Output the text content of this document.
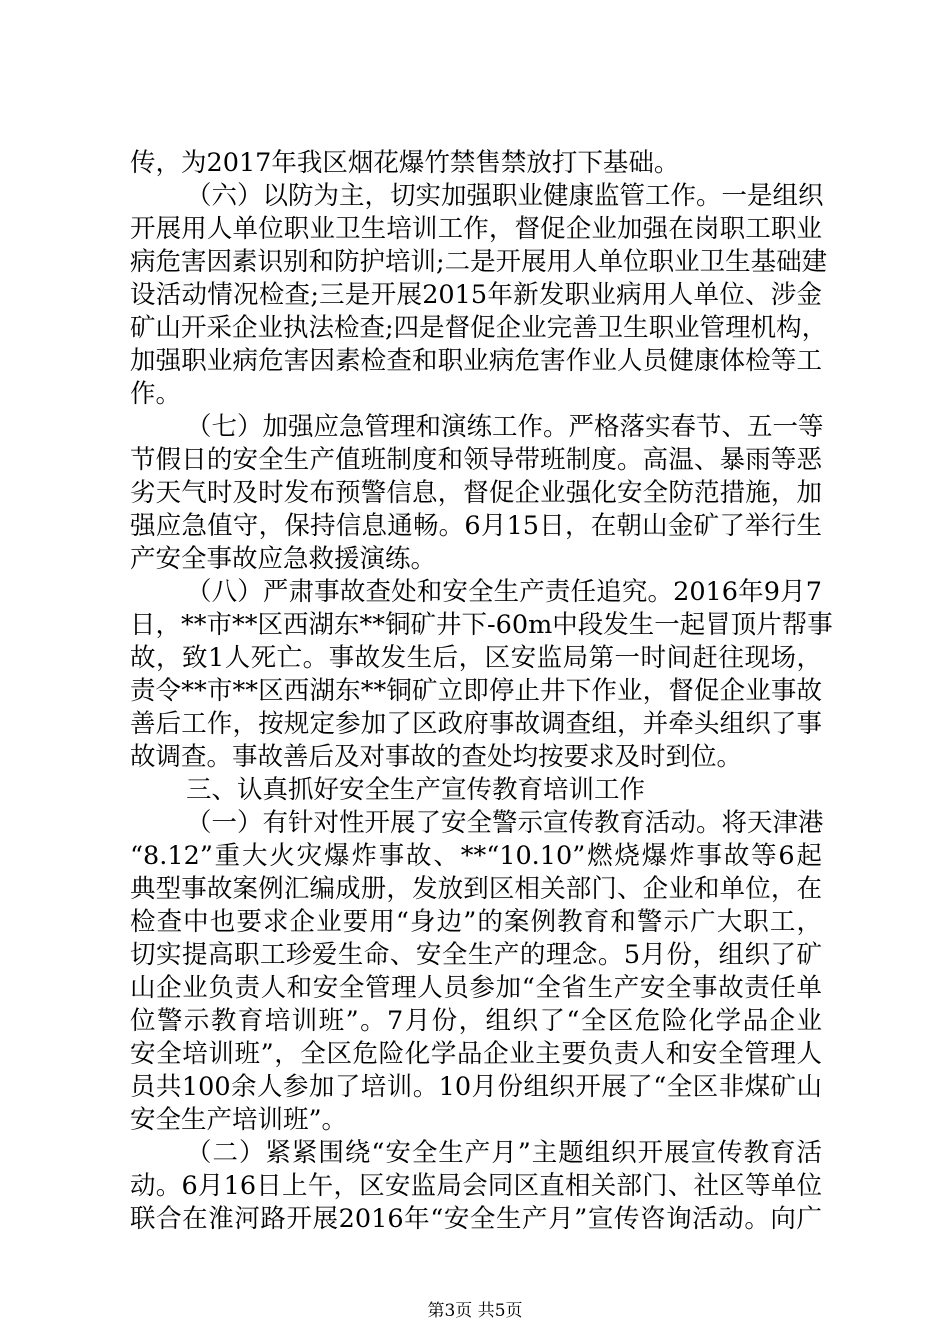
传，为2017年我区烟花爆竹禁售禁放打下基础。

（六）以防为主，切实加强职业健康监管工作。一是组织

开展用人单位职业卫生培训工作，督促企业加强在岗职工职业

病危害因素识别和防护培训;二是开展用人单位职业卫生基础建

设活动情况检查;三是开展2015年新发职业病用人单位、涉金

矿山开采企业执法检查;四是督促企业完善卫生职业管理机构，

加强职业病危害因素检查和职业病危害作业人员健康体检等工

作。

（七）加强应急管理和演练工作。严格落实春节、五一等

节假日的安全生产值班制度和领导带班制度。高温、暴雨等恶

劣天气时及时发布预警信息，督促企业强化安全防范措施，加

强应急值守，保持信息通畅。6月15日，在朝山金矿了举行生

产安全事故应急救援演练。

（八）严肃事故查处和安全生产责任追究。2016年9月7

日，**市**区西湖东**铜矿井下-60m中段发生一起冒顶片帮事

故，致1人死亡。事故发生后，区安监局第一时间赶往现场，

责令**市**区西湖东**铜矿立即停止井下作业，督促企业事故

善后工作，按规定参加了区政府事故调查组，并牵头组织了事

故调查。事故善后及对事故的查处均按要求及时到位。

三、认真抓好安全生产宣传教育培训工作

（一）有针对性开展了安全警示宣传教育活动。将天津港

“8.12”重大火灾爆炸事故、**“10.10”燃烧爆炸事故等6起

典型事故案例汇编成册，发放到区相关部门、企业和单位，在

检查中也要求企业要用“身边”的案例教育和警示广大职工，

切实提高职工珍爱生命、安全生产的理念。5月份，组织了矿

山企业负责人和安全管理人员参加“全省生产安全事故责任单

位警示教育培训班”。7月份，组织了“全区危险化学品企业

安全培训班”，全区危险化学品企业主要负责人和安全管理人

员共100余人参加了培训。10月份组织开展了“全区非煤矿山

安全生产培训班”。

（二）紧紧围绕“安全生产月”主题组织开展宣传教育活

动。6月16日上午，区安监局会同区直相关部门、社区等单位

联合在淮河路开展2016年“安全生产月”宣传咨询活动。向广

第3页 共5页
